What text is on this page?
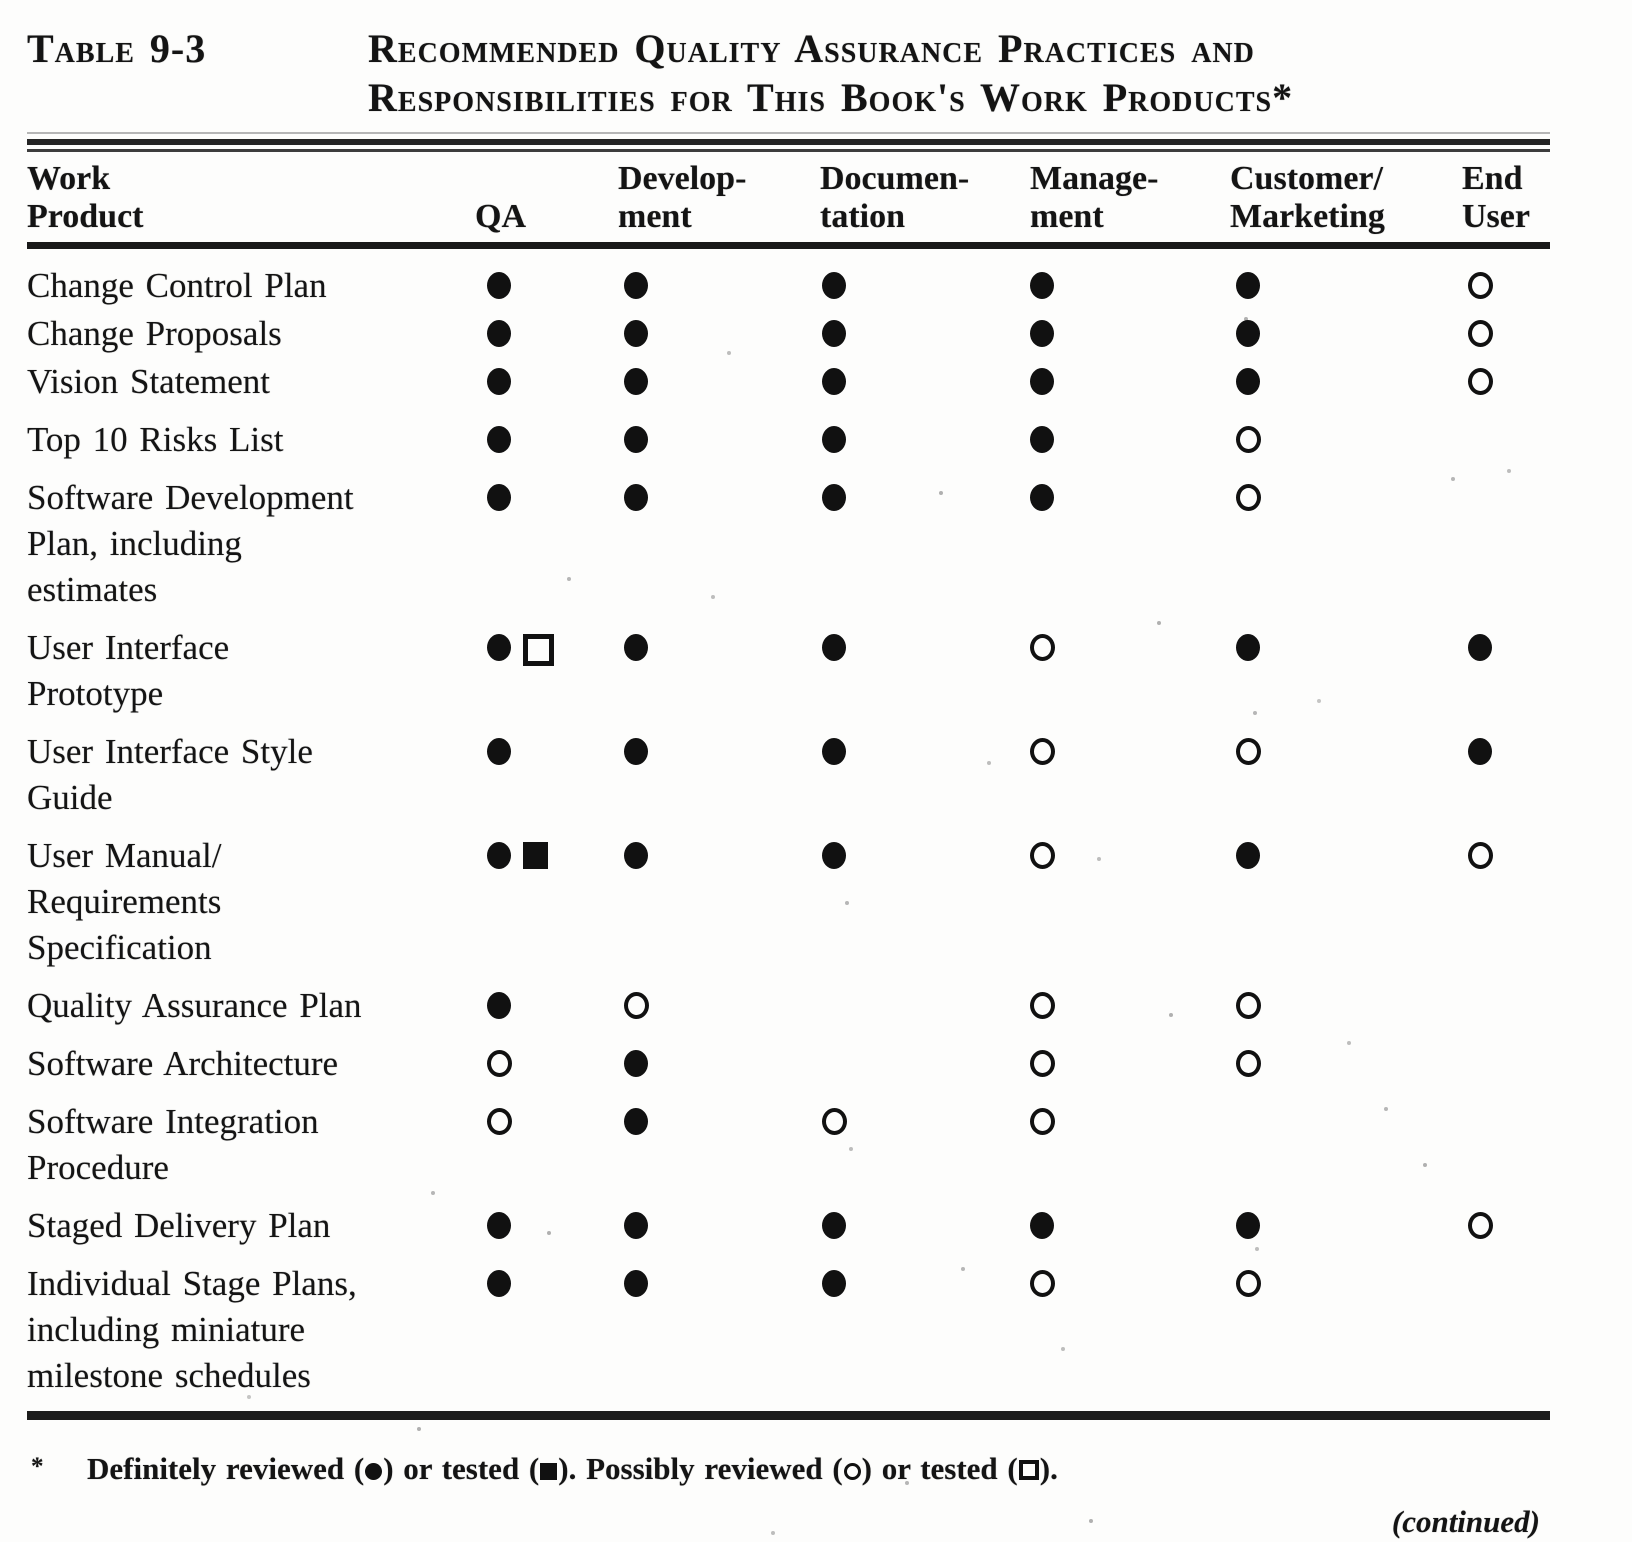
Table 9-3	Recommended Quality Assurance Practices and
Responsibilities for This Book's Work Products*
Work
Product	QA
Develop-
ment
Documen-
tation
Manage-
ment
Customer/
Marketing
End
User
Change Control Plan
Change Proposals
Vision Statement
Top 10 Risks List
Software Development
Plan, including
estimates
User Interface
Prototype
User Interface Style
Guide
User Manual/
Requirements
Specification
Quality Assurance Plan
Software Architecture
Software Integration
Procedure
Staged Delivery Plan
Individual Stage Plans,
including miniature
milestone schedules
* Definitely reviewed ( ) or tested ( ). Possibly reviewed ( ) or tested ( ).
(continued)
